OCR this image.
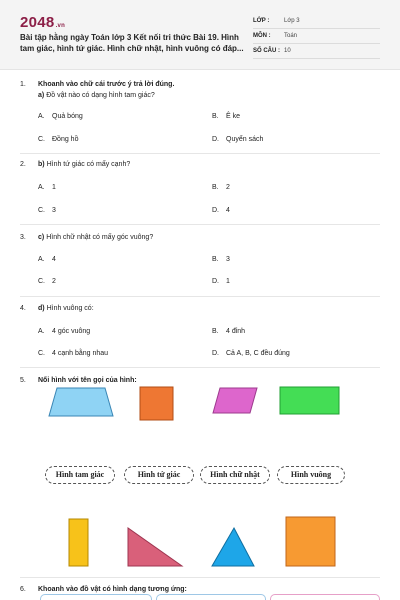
2048.vn
Bài tập hằng ngày Toán lớp 3 Kết nối tri thức Bài 19. Hình
tam giác, hình tứ giác. Hình chữ nhật, hình vuông có đáp...
LỚP : Lớp 3
MÔN : Toán
SỐ CÂU : 10
1. Khoanh vào chữ cái trước ý trả lời đúng.
a) Đồ vật nào có dạng hình tam giác?
A. Quả bóng	B. Ê ke
C. Đồng hồ	D. Quyển sách
2. b) Hình tứ giác có mấy cạnh?
A. 1	B. 2
C. 3	D. 4
3. c) Hình chữ nhật có mấy góc vuông?
A. 4	B. 3
C. 2	D. 1
4. d) Hình vuông có:
A. 4 góc vuông	B. 4 đỉnh
C. 4 cạnh bằng nhau	D. Cả A, B, C đều đúng
5. Nối hình với tên gọi của hình:
Hình tam giác	Hình tứ giác	Hình chữ nhật	Hình vuông
6. Khoanh vào đồ vật có hình dạng tương ứng:
